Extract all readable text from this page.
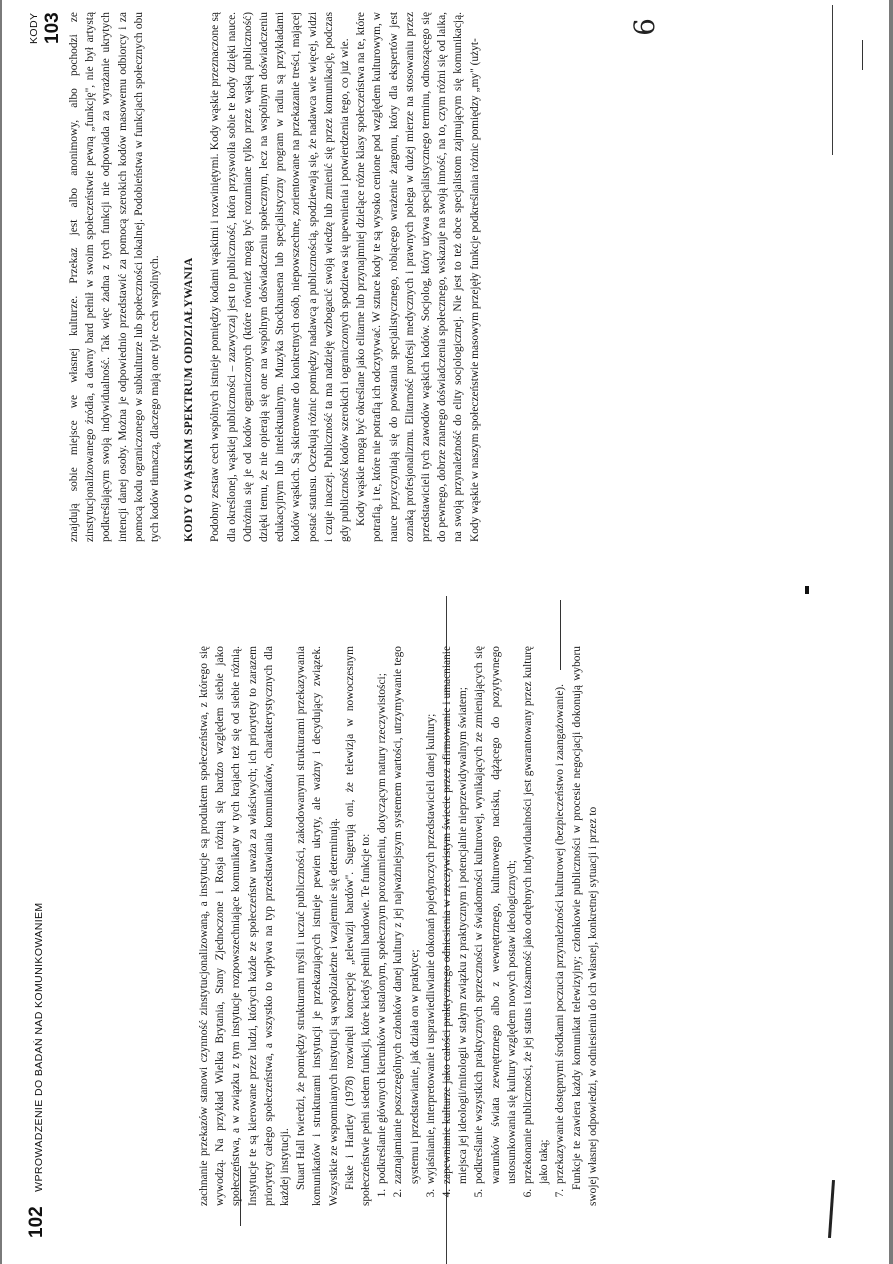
6
102 WPROWADZENIE DO BADAŃ NAD KOMUNIKOWANIEM	zachnanie przekazów stanowi czynność zinstytucjonalizowaną, a instytucje są produktem społeczeństwa, z którego się wywodzą. Na przykład Wielka Brytania, Stany Zjednoczone i Rosja różnią się bardzo względem siebie jako społeczeństwa, a w związku z tym instytucje rozpowszechniające komunikaty w tych krajach też się od siebie różnią. Instytucje te są kierowane przez ludzi, których każde ze społeczeństw uważa za właściwych; ich priorytety to zarazem priorytety całego społeczeństwa, a wszystko to wpływa na typ przedstawiania komunikatów, charakterystycznych dla każdej instytucji. Stuart Hall twierdzi, że pomiędzy strukturami myśli i uczuć publiczności, zakodowanymi strukturami przekazywania komunikatów i strukturami instytucji je przekazujących istnieje pewien ukryty, ale ważny i decydujący związek. Wszystkie ze wspomnianych instytucji są wspólzależne i wzajemnie się determinują. Fiske i Hartley (1978) rozwinęli koncepcję „telewizji bardów". Sugerują oni, że telewizja w nowoczesnym społeczeństwie pełni siedem funkcji, które kiedyś pełnili bardowie. Te funkcje to: 1. podkreślanie głównych kierunków w ustalonym, społecznym porozumieniu, dotyczącym natury rzeczywistości; 2. zaznajamianie poszczególnych członków danej kultury z jej najważniejszym systemem wartości, utrzymywanie tego systemu i przedstawianie, jak działa on w praktyce; 3. wyjaśnianie, interpretowanie i usprawiedliwianie dokonań pojedynczych przedstawicieli danej kultury; 4. zapewnianie kulturze jako całości praktycznego odniesienia w rzeczywistym świecie przez afirmowanie i umacnianie miejsca jej ideologii/mitologii w stałym związku z praktycznym i potencjalnie nieprzewidywalnym światem; 5. podkreślanie wszystkich praktycznych sprzeczności w świadomości kulturowej, wynikających ze zmieniających się warunków świata zewnętrznego albo z wewnętrznego, kulturowego nacisku, dążącego do pozytywnego ustosunkowania się kultury względem nowych postaw ideologicznych; 6. przekonanie publiczności, że jej status i tożsamość jako odrębnych indywidualności jest gwarantowany przez kulturę jako taką; 7. przekazywanie dostępnymi środkami poczucia przynależności kulturowej (bezpieczeństwo i zaangażowanie). Funkcje te zawiera każdy komunikat telewizyjny; członkowie publiczności w procesie negocjacji dokonują wyboru swojej własnej odpowiedzi, w odniesieniu do ich własnej, konkretnej sytuacji i przez to

KODY 103 znajdują sobie miejsce we własnej kulturze. Przekaz jest albo anonimowy, albo pochodzi ze zinstytucjonalizowanego źródła, a dawny bard pełnił w swoim społeczeństwie pewną „funkcję", nie był artystą podkreślającym swoją indywidualność. Tak więc żadna z tych funkcji nie odpowiada za wyrażanie ukrytych intencji danej osoby. Można je odpowiednio przedstawić za pomocą szerokich kodów masowemu odbiorcy i za pomocą kodu ograniczonego w subkulturze lub społeczności lokalnej. Podobieństwa w funkcjach społecznych obu tych kodów tłumaczą, dlaczego mają one tyle cech wspólnych. KODY O WĄSKIM SPEKTRUM ODDZIAŁYWANIA Podobny zestaw cech wspólnych istnieje pomiędzy kodami wąskimi i rozwiniętymi. Kody wąskie przeznaczone są dla określonej, wąskiej publiczności – zazwyczaj jest to publiczność, która przyswoiła sobie te kody dzięki nauce. Odróżnia się je od kodów ograniczonych (które również mogą być rozumiane tylko przez wąską publiczność) dzięki temu, że nie opierają się one na wspólnym doświadczeniu społecznym, lecz na wspólnym doświadczeniu edukacyjnym lub intelektualnym. Muzyka Stockhausena lub specjalistyczny program w radiu są przykładami kodów wąskich. Są skierowane do konkretnych osób, niepowszechne, zorientowane na przekazanie treści, mającej postać statusu. Oczekują różnic pomiędzy nadawcą a publicznością, spodziewają się, że nadawca wie więcej, widzi i czuje inaczej. Publiczność ta ma nadzieję wzbogacić swoją wiedzę lub zmienić się przez komunikację, podczas gdy publiczność kodów szerokich i ograniczonych spodziewa się upewnienia i potwierdzenia tego, co już wie. Kody wąskie mogą być określane jako elitarne lub przynajmniej dzielące różne klasy społeczeństwa na te, które potrafią, i te, które nie potrafią ich odczytywać. W sztuce kody te są wysoko cenione pod względem kulturowym, w nauce przyczyniają się do powstania specjalistycznego, robiącego wrażenie żargonu, który dla ekspertów jest oznaką profesjonalizmu. Elitarność profesji medycznych i prawnych polega w dużej mierze na stosowaniu przez przedstawicieli tych zawodów wąskich kodów. Socjolog, który używa specjalistycznego terminu, odnoszącego się do pewnego, dobrze znanego doświadczenia społecznego, wskazuje na swoją inność, na to, czym różni się od laika, na swoją przynależność do elity socjologicznej. Nie jest to też obce specjalistom zajmującym się komunikacją. Kody wąskie w naszym społeczeństwie masowym przejęły funkcje podkreślania różnic pomiędzy „my" (użyt-
